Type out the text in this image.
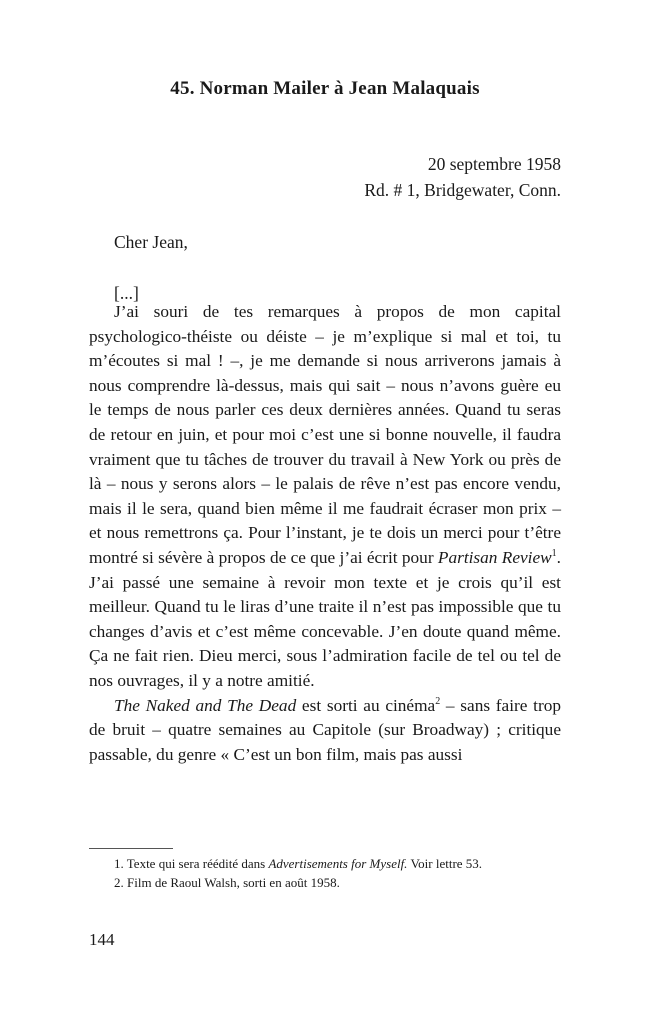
45. Norman Mailer à Jean Malaquais
20 septembre 1958
Rd. # 1, Bridgewater, Conn.
Cher Jean,
[...]

J’ai souri de tes remarques à propos de mon capital psychologico-théiste ou déiste – je m’explique si mal et toi, tu m’écoutes si mal ! –, je me demande si nous arriverons jamais à nous comprendre là-dessus, mais qui sait – nous n’avons guère eu le temps de nous parler ces deux dernières années. Quand tu seras de retour en juin, et pour moi c’est une si bonne nouvelle, il faudra vraiment que tu tâches de trouver du travail à New York ou près de là – nous y serons alors – le palais de rêve n’est pas encore vendu, mais il le sera, quand bien même il me faudrait écraser mon prix – et nous remettrons ça. Pour l’instant, je te dois un merci pour t’être montré si sévère à propos de ce que j’ai écrit pour Partisan Review$^1$. J’ai passé une semaine à revoir mon texte et je crois qu’il est meilleur. Quand tu le liras d’une traite il n’est pas impossible que tu changes d’avis et c’est même concevable. J’en doute quand même. Ça ne fait rien. Dieu merci, sous l’admiration facile de tel ou tel de nos ouvrages, il y a notre amitié.

The Naked and The Dead est sorti au cinéma$^2$ – sans faire trop de bruit – quatre semaines au Capitole (sur Broadway) ; critique passable, du genre « C’est un bon film, mais pas aussi

1. Texte qui sera réédité dans Advertisements for Myself. Voir lettre 53.

2. Film de Raoul Walsh, sorti en août 1958.

144
